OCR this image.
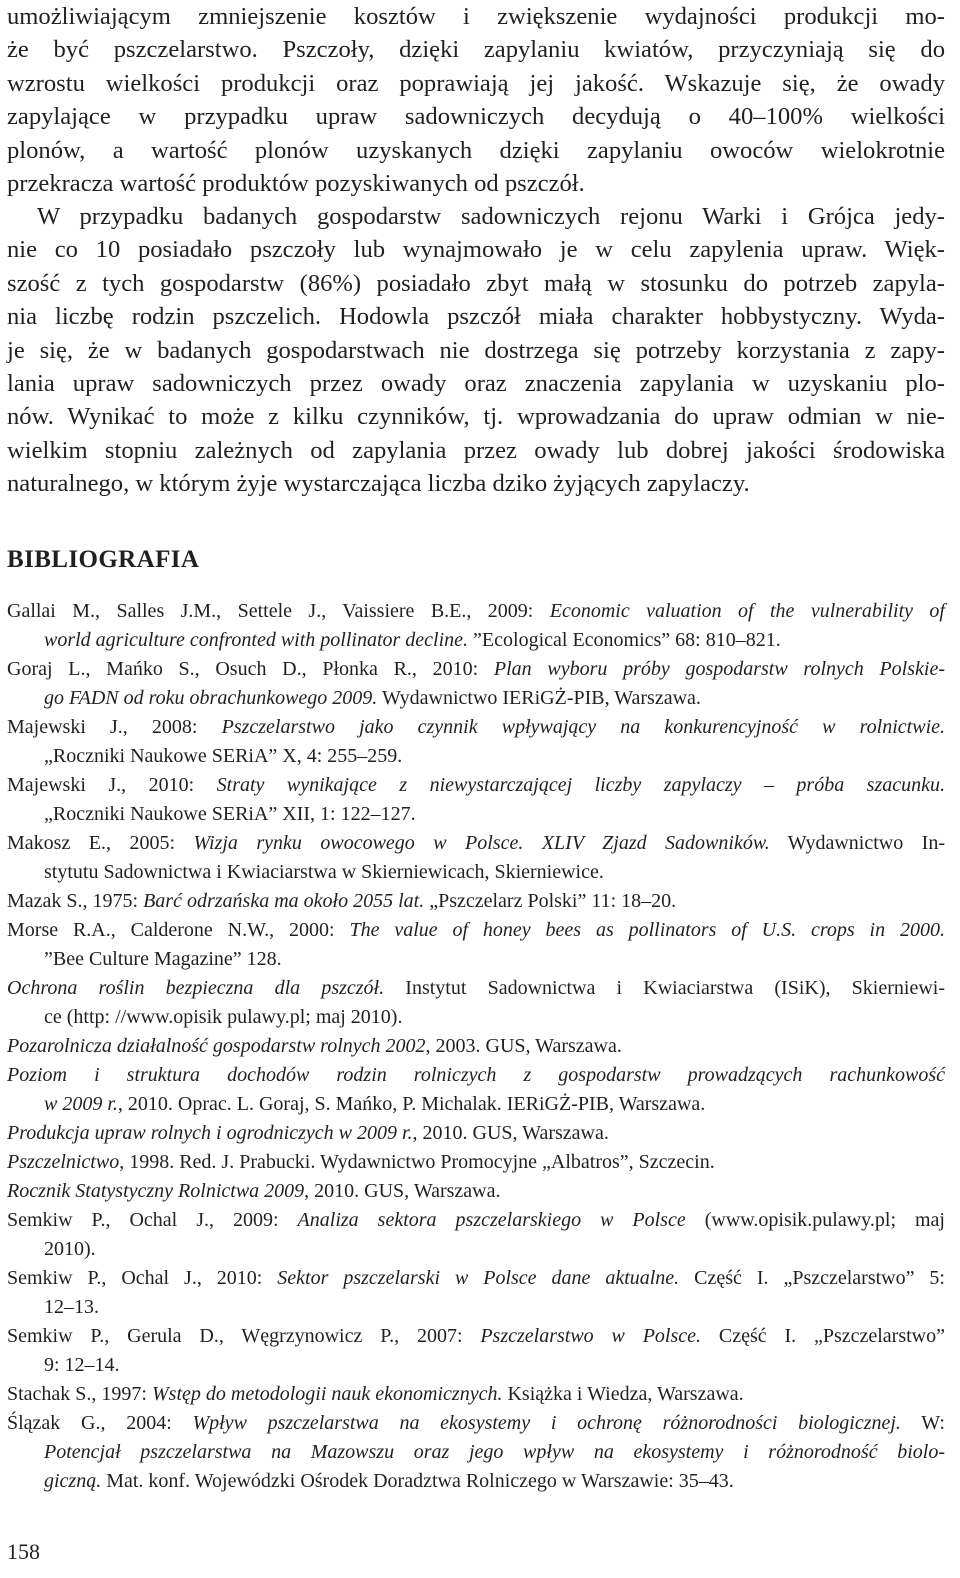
umożliwiającym zmniejszenie kosztów i zwiększenie wydajności produkcji mo-
że być pszczelarstwo. Pszczoły, dzięki zapylaniu kwiatów, przyczyniają się do
wzrostu wielkości produkcji oraz poprawiają jej jakość. Wskazuje się, że owady
zapylające w przypadku upraw sadowniczych decydują o 40–100% wielkości
plonów, a wartość plonów uzyskanych dzięki zapylaniu owoców wielokrotnie
przekracza wartość produktów pozyskiwanych od pszczół.
W przypadku badanych gospodarstw sadowniczych rejonu Warki i Grójca jedy-
nie co 10 posiadało pszczoły lub wynajmowało je w celu zapylenia upraw. Więk-
szość z tych gospodarstw (86%) posiadało zbyt małą w stosunku do potrzeb zapyla-
nia liczbę rodzin pszczelich. Hodowla pszczół miała charakter hobbystyczny. Wyda-
je się, że w badanych gospodarstwach nie dostrzega się potrzeby korzystania z zapy-
lania upraw sadowniczych przez owady oraz znaczenia zapylania w uzyskaniu plo-
nów. Wynikać to może z kilku czynników, tj. wprowadzania do upraw odmian w nie-
wielkim stopniu zależnych od zapylania przez owady lub dobrej jakości środowiska
naturalnego, w którym żyje wystarczająca liczba dziko żyjących zapylaczy.
BIBLIOGRAFIA

Gallai M., Salles J.M., Settele J., Vaissiere B.E., 2009: Economic valuation of the vulnerability of
world agriculture confronted with pollinator decline. ”Ecological Economics” 68: 810–821.

Goraj L., Mańko S., Osuch D., Płonka R., 2010: Plan wyboru próby gospodarstw rolnych Polskie-
go FADN od roku obrachunkowego 2009. Wydawnictwo IERiGŻ-PIB, Warszawa.

Majewski J., 2008: Pszczelarstwo jako czynnik wpływający na konkurencyjność w rolnictwie.
„Roczniki Naukowe SERiA” X, 4: 255–259.

Majewski J., 2010: Straty wynikające z niewystarczającej liczby zapylaczy – próba szacunku.
„Roczniki Naukowe SERiA” XII, 1: 122–127.

Makosz E., 2005: Wizja rynku owocowego w Polsce. XLIV Zjazd Sadowników. Wydawnictwo In-
stytutu Sadownictwa i Kwiaciarstwa w Skierniewicach, Skierniewice.

Mazak S., 1975: Barć odrzańska ma około 2055 lat. „Pszczelarz Polski” 11: 18–20.

Morse R.A., Calderone N.W., 2000: The value of honey bees as pollinators of U.S. crops in 2000.
”Bee Culture Magazine” 128.

Ochrona roślin bezpieczna dla pszczół. Instytut Sadownictwa i Kwiaciarstwa (ISiK), Skierniewi-
ce (http: //www.opisik pulawy.pl; maj 2010).

Pozarolnicza działalność gospodarstw rolnych 2002, 2003. GUS, Warszawa.

Poziom i struktura dochodów rodzin rolniczych z gospodarstw prowadzących rachunkowość
w 2009 r., 2010. Oprac. L. Goraj, S. Mańko, P. Michalak. IERiGŻ-PIB, Warszawa.

Produkcja upraw rolnych i ogrodniczych w 2009 r., 2010. GUS, Warszawa.

Pszczelnictwo, 1998. Red. J. Prabucki. Wydawnictwo Promocyjne „Albatros”, Szczecin.

Rocznik Statystyczny Rolnictwa 2009, 2010. GUS, Warszawa.

Semkiw P., Ochal J., 2009: Analiza sektora pszczelarskiego w Polsce (www.opisik.pulawy.pl; maj
2010).

Semkiw P., Ochal J., 2010: Sektor pszczelarski w Polsce dane aktualne. Część I. „Pszczelarstwo” 5:
12–13.

Semkiw P., Gerula D., Węgrzynowicz P., 2007: Pszczelarstwo w Polsce. Część I. „Pszczelarstwo”
9: 12–14.

Stachak S., 1997: Wstęp do metodologii nauk ekonomicznych. Książka i Wiedza, Warszawa.

Ślązak G., 2004: Wpływ pszczelarstwa na ekosystemy i ochronę różnorodności biologicznej. W:
Potencjał pszczelarstwa na Mazowszu oraz jego wpływ na ekosystemy i różnorodność biolo-
giczną. Mat. konf. Wojewódzki Ośrodek Doradztwa Rolniczego w Warszawie: 35–43.

158
